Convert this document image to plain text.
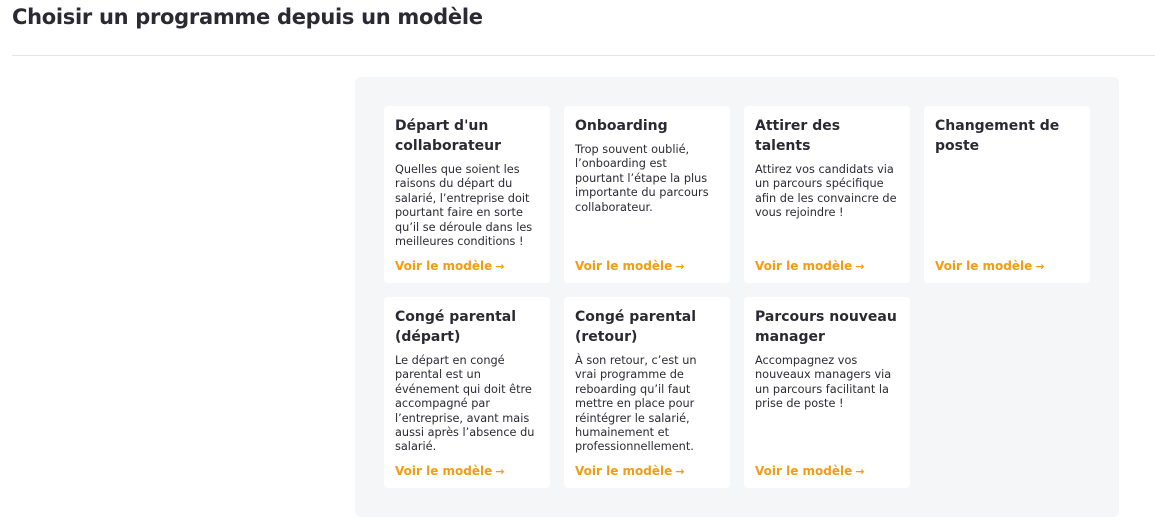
Choisir un programme depuis un modèle
Départ d'un collaborateur
Quelles que soient les raisons du départ du salarié, l’entreprise doit pourtant faire en sorte qu’il se déroule dans les meilleures conditions !
Voir le modèle →
Onboarding
Trop souvent oublié, l’onboarding est pourtant l’étape la plus importante du parcours collaborateur.
Voir le modèle →
Attirer des talents
Attirez vos candidats via un parcours spécifique afin de les convaincre de vous rejoindre !
Voir le modèle →
Changement de poste
Voir le modèle →
Congé parental (départ)
Le départ en congé parental est un événement qui doit être accompagné par l’entreprise, avant mais aussi après l’absence du salarié.
Voir le modèle →
Congé parental (retour)
À son retour, c’est un vrai programme de reboarding qu’il faut mettre en place pour réintégrer le salarié, humainement et professionnellement.
Voir le modèle →
Parcours nouveau manager
Accompagnez vos nouveaux managers via un parcours facilitant la prise de poste !
Voir le modèle →
